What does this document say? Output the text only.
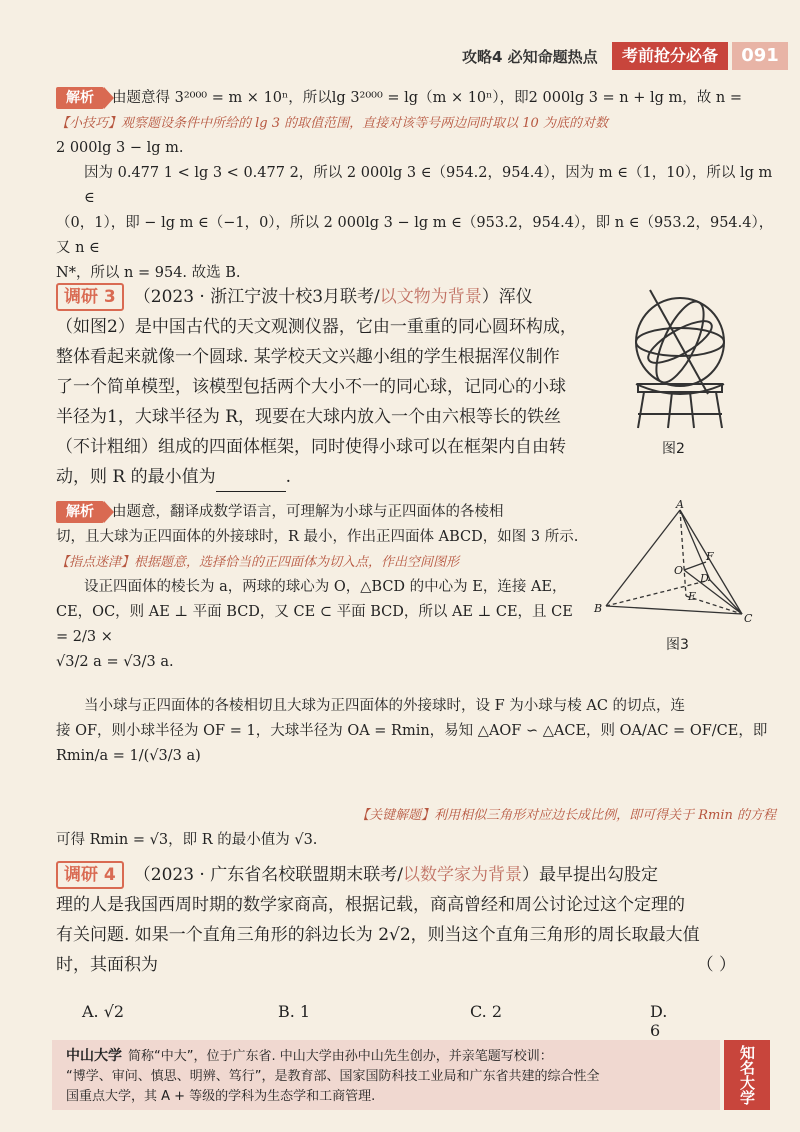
攻略4 必知命题热点	考前抢分必备	091
解析 由题意得 3²⁰⁰⁰ = m × 10ⁿ，所以lg 3²⁰⁰⁰ = lg（m × 10ⁿ），即2 000lg 3 = n + lg m，故 n =
【小技巧】观察题设条件中所给的 lg 3 的取值范围，直接对该等号两边同时取以 10 为底的对数
2 000lg 3 − lg m.
因为 0.477 1 < lg 3 < 0.477 2，所以 2 000lg 3 ∈（954.2，954.4），因为 m ∈（1，10），所以 lg m ∈
（0，1），即 − lg m ∈（−1，0），所以 2 000lg 3 − lg m ∈（953.2，954.4），即 n ∈（953.2，954.4），又 n ∈
N*，所以 n = 954. 故选 B.
调研 3 （2023 · 浙江宁波十校3月联考/以文物为背景）浑仪
（如图2）是中国古代的天文观测仪器，它由一重重的同心圆环构成，
整体看起来就像一个圆球. 某学校天文兴趣小组的学生根据浑仪制作
了一个简单模型，该模型包括两个大小不一的同心球，记同心的小球
半径为1，大球半径为 R，现要在大球内放入一个由六根等长的铁丝
（不计粗细）组成的四面体框架，同时使得小球可以在框架内自由转
动，则 R 的最小值为	.
图2
解析 由题意，翻译成数学语言，可理解为小球与正四面体的各棱相
切，且大球为正四面体的外接球时，R 最小，作出正四面体 ABCD，如图 3 所示.
【指点迷津】根据题意，选择恰当的正四面体为切入点，作出空间图形
设正四面体的棱长为 a，两球的球心为 O，△BCD 的中心为 E，连接 AE，
CE，OC，则 AE ⊥ 平面 BCD，又 CE ⊂ 平面 BCD，所以 AE ⊥ CE，且 CE = 2/3 ×
√3/2 a = √3/3 a.
A
B
C
D
E
F
O
图3
当小球与正四面体的各棱相切且大球为正四面体的外接球时，设 F 为小球与棱 AC 的切点，连
接 OF，则小球半径为 OF = 1，大球半径为 OA = Rmin，易知 △AOF ∽ △ACE，则 OA/AC = OF/CE，即 Rmin/a = 1/(√3/3 a)
【关键解题】利用相似三角形对应边长成比例，即可得关于 Rmin 的方程
可得 Rmin = √3，即 R 的最小值为 √3.
调研 4 （2023 · 广东省名校联盟期末联考/以数学家为背景）最早提出勾股定
理的人是我国西周时期的数学家商高，根据记载，商高曾经和周公讨论过这个定理的
有关问题. 如果一个直角三角形的斜边长为 2√2，则当这个直角三角形的周长取最大值
时，其面积为	（ ）
A. √2	B. 1	C. 2	D. 6
中山大学 简称“中大”，位于广东省. 中山大学由孙中山先生创办，并亲笔题写校训：
“博学、审问、慎思、明辨、笃行”，是教育部、国家国防科技工业局和广东省共建的综合性全
国重点大学，其 A + 等级的学科为生态学和工商管理.	知名大学
